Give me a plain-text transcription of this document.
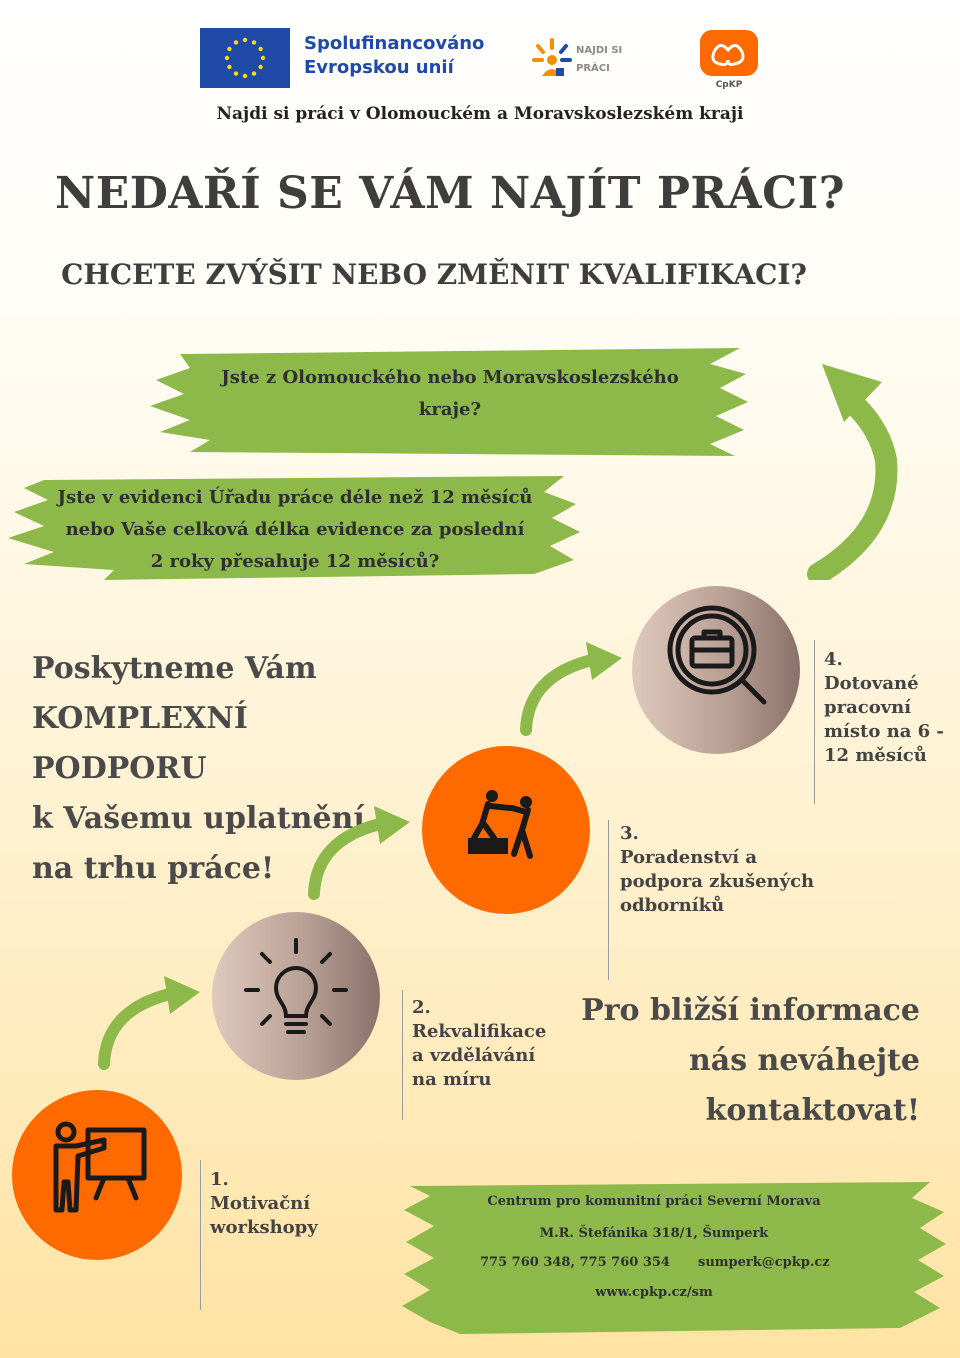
Spolufinancováno
Evropskou unií
NAJDI SI
PRÁCI
CpKP
Najdi si práci v Olomouckém a Moravskoslezském kraji
NEDAŘÍ SE VÁM NAJÍT PRÁCI?
CHCETE ZVÝŠIT NEBO ZMĚNIT KVALIFIKACI?
Jste z Olomouckého nebo Moravskoslezského
kraje?
Jste v evidenci Úřadu práce déle než 12 měsíců
nebo Vaše celková délka evidence za poslední
2 roky přesahuje 12 měsíců?
Poskytneme Vám
KOMPLEXNÍ PODPORU
k Vašemu uplatnění
na trhu práce!
1.
Motivační
workshopy
2.
Rekvalifikace
a vzdělávání
na míru
3.
Poradenství a
podpora zkušených
odborníků
4.
Dotované
pracovní
místo na 6 -
12 měsíců
Pro bližší informace
nás neváhejte
kontaktovat!
Centrum pro komunitní práci Severní Morava
M.R. Štefánika 318/1, Šumperk
775 760 348, 775 760 354 sumperk@cpkp.cz
www.cpkp.cz/sm
